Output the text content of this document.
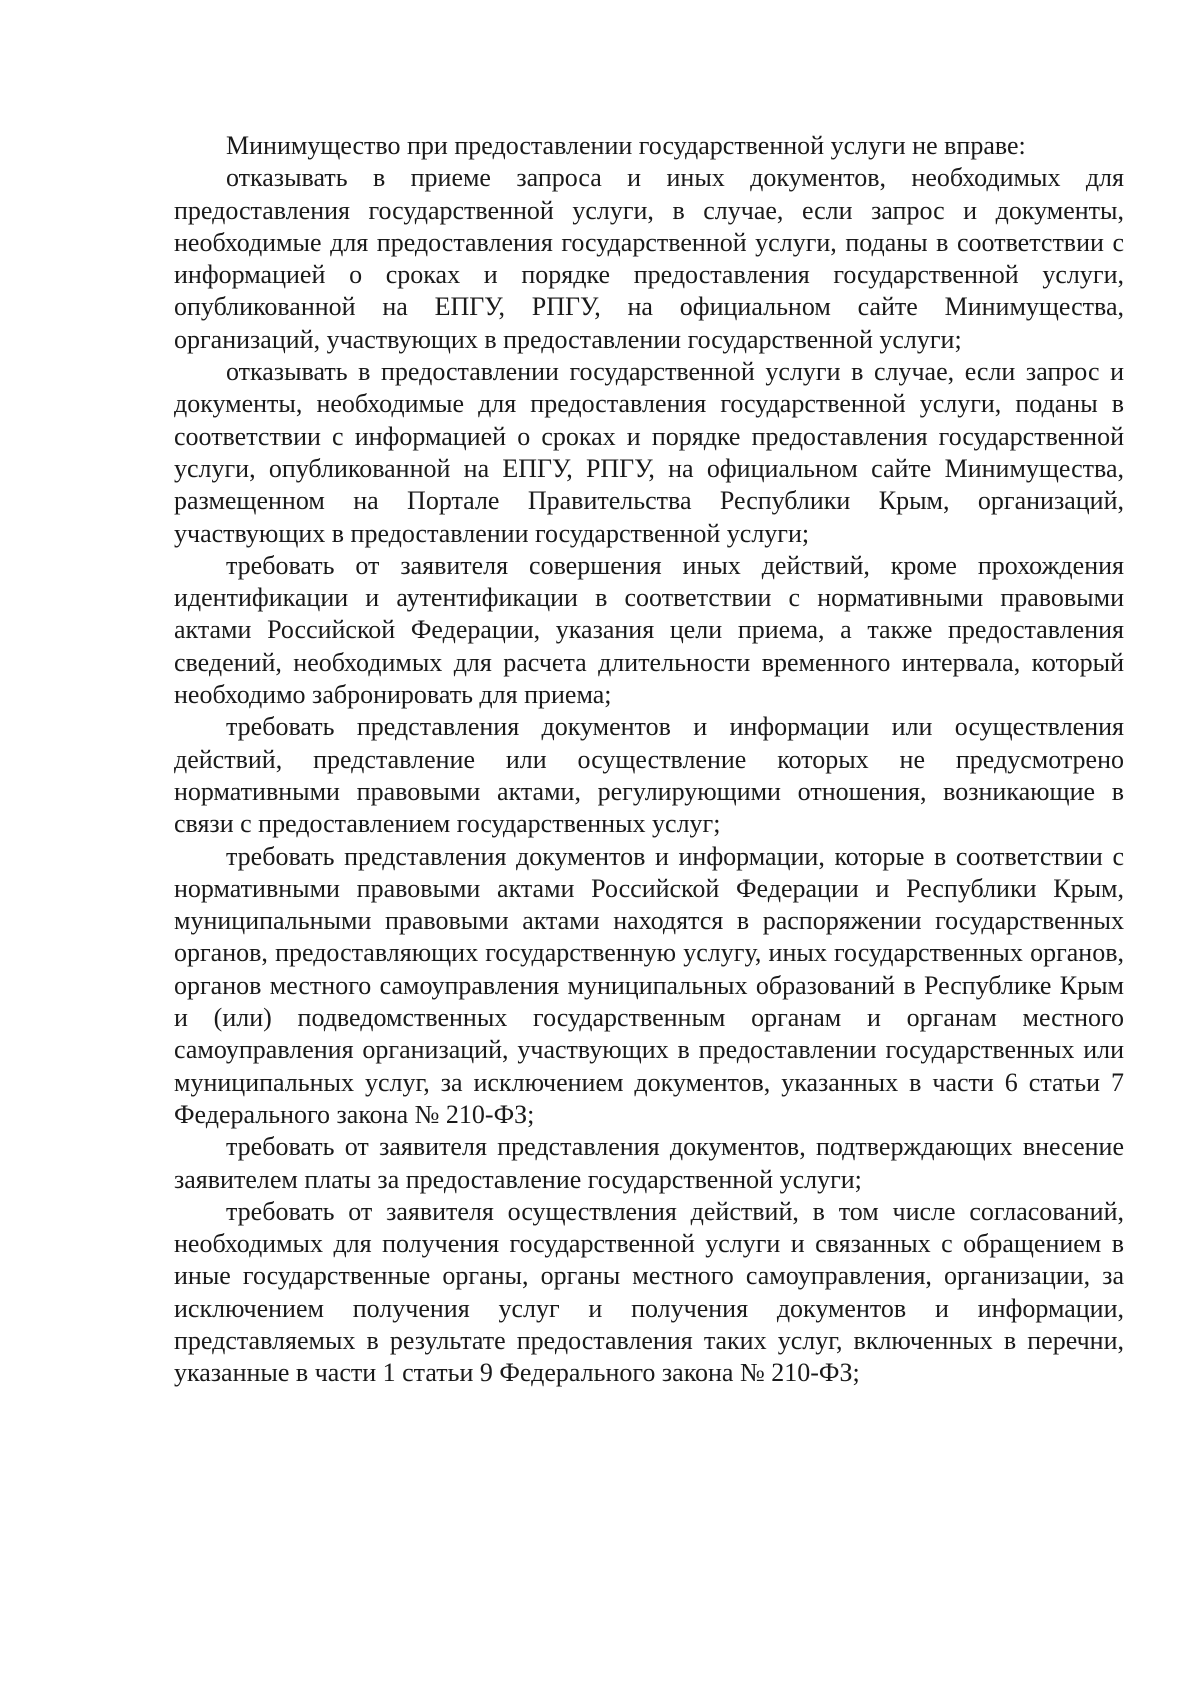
Минимущество при предоставлении государственной услуги не вправе:

отказывать в приеме запроса и иных документов, необходимых для предоставления государственной услуги, в случае, если запрос и документы, необходимые для предоставления государственной услуги, поданы в соответствии с информацией о сроках и порядке предоставления государственной услуги, опубликованной на ЕПГУ, РПГУ, на официальном сайте Минимущества, организаций, участвующих в предоставлении государственной услуги;

отказывать в предоставлении государственной услуги в случае, если запрос и документы, необходимые для предоставления государственной услуги, поданы в соответствии с информацией о сроках и порядке предоставления государственной услуги, опубликованной на ЕПГУ, РПГУ, на официальном сайте Минимущества, размещенном на Портале Правительства Республики Крым, организаций, участвующих в предоставлении государственной услуги;

требовать от заявителя совершения иных действий, кроме прохождения идентификации и аутентификации в соответствии с нормативными правовыми актами Российской Федерации, указания цели приема, а также предоставления сведений, необходимых для расчета длительности временного интервала, который необходимо забронировать для приема;

требовать представления документов и информации или осуществления действий, представление или осуществление которых не предусмотрено нормативными правовыми актами, регулирующими отношения, возникающие в связи с предоставлением государственных услуг;

требовать представления документов и информации, которые в соответствии с нормативными правовыми актами Российской Федерации и Республики Крым, муниципальными правовыми актами находятся в распоряжении государственных органов, предоставляющих государственную услугу, иных государственных органов, органов местного самоуправления муниципальных образований в Республике Крым и (или) подведомственных государственным органам и органам местного самоуправления организаций, участвующих в предоставлении государственных или муниципальных услуг, за исключением документов, указанных в части 6 статьи 7 Федерального закона № 210-ФЗ;

требовать от заявителя представления документов, подтверждающих внесение заявителем платы за предоставление государственной услуги;

требовать от заявителя осуществления действий, в том числе согласований, необходимых для получения государственной услуги и связанных с обращением в иные государственные органы, органы местного самоуправления, организации, за исключением получения услуг и получения документов и информации, представляемых в результате предоставления таких услуг, включенных в перечни, указанные в части 1 статьи 9 Федерального закона № 210-ФЗ;
